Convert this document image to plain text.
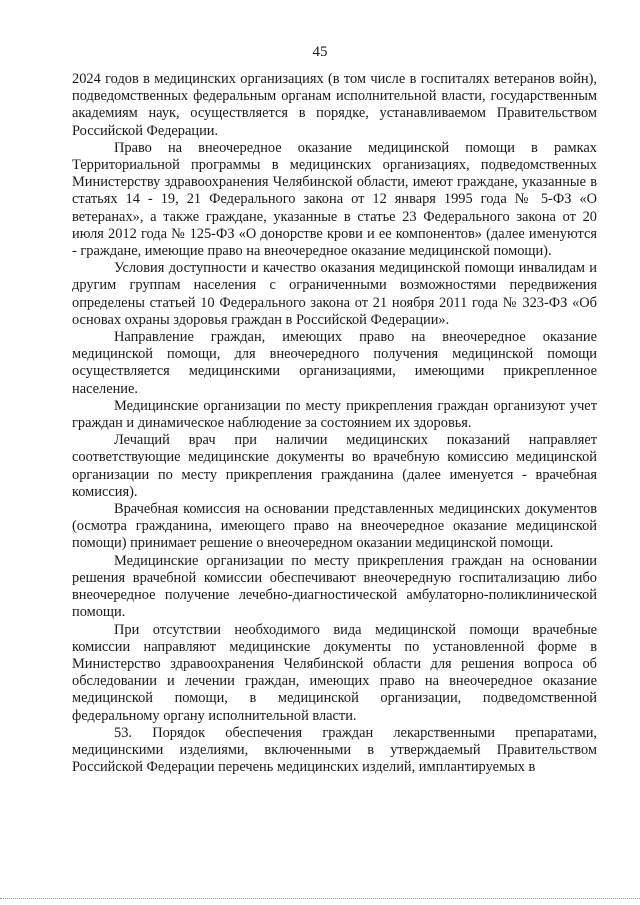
45

2024 годов в медицинских организациях (в том числе в госпиталях ветеранов войн), подведомственных федеральным органам исполнительной власти, государственным академиям наук, осуществляется в порядке, устанавливаемом Правительством Российской Федерации.

Право на внеочередное оказание медицинской помощи в рамках Территориальной программы в медицинских организациях, подведомственных Министерству здравоохранения Челябинской области, имеют граждане, указанные в статьях 14 - 19, 21 Федерального закона от 12 января 1995 года № 5-ФЗ «О ветеранах», а также граждане, указанные в статье 23 Федерального закона от 20 июля 2012 года № 125-ФЗ «О донорстве крови и ее компонентов» (далее именуются - граждане, имеющие право на внеочередное оказание медицинской помощи).

Условия доступности и качество оказания медицинской помощи инвалидам и другим группам населения с ограниченными возможностями передвижения определены статьей 10 Федерального закона от 21 ноября 2011 года № 323-ФЗ «Об основах охраны здоровья граждан в Российской Федерации».

Направление граждан, имеющих право на внеочередное оказание медицинской помощи, для внеочередного получения медицинской помощи осуществляется медицинскими организациями, имеющими прикрепленное население.

Медицинские организации по месту прикрепления граждан организуют учет граждан и динамическое наблюдение за состоянием их здоровья.

Лечащий врач при наличии медицинских показаний направляет соответствующие медицинские документы во врачебную комиссию медицинской организации по месту прикрепления гражданина (далее именуется - врачебная комиссия).

Врачебная комиссия на основании представленных медицинских документов (осмотра гражданина, имеющего право на внеочередное оказание медицинской помощи) принимает решение о внеочередном оказании медицинской помощи.

Медицинские организации по месту прикрепления граждан на основании решения врачебной комиссии обеспечивают внеочередную госпитализацию либо внеочередное получение лечебно-диагностической амбулаторно-поликлинической помощи.

При отсутствии необходимого вида медицинской помощи врачебные комиссии направляют медицинские документы по установленной форме в Министерство здравоохранения Челябинской области для решения вопроса об обследовании и лечении граждан, имеющих право на внеочередное оказание медицинской помощи, в медицинской организации, подведомственной федеральному органу исполнительной власти.

53. Порядок обеспечения граждан лекарственными препаратами, медицинскими изделиями, включенными в утверждаемый Правительством Российской Федерации перечень медицинских изделий, имплантируемых в
